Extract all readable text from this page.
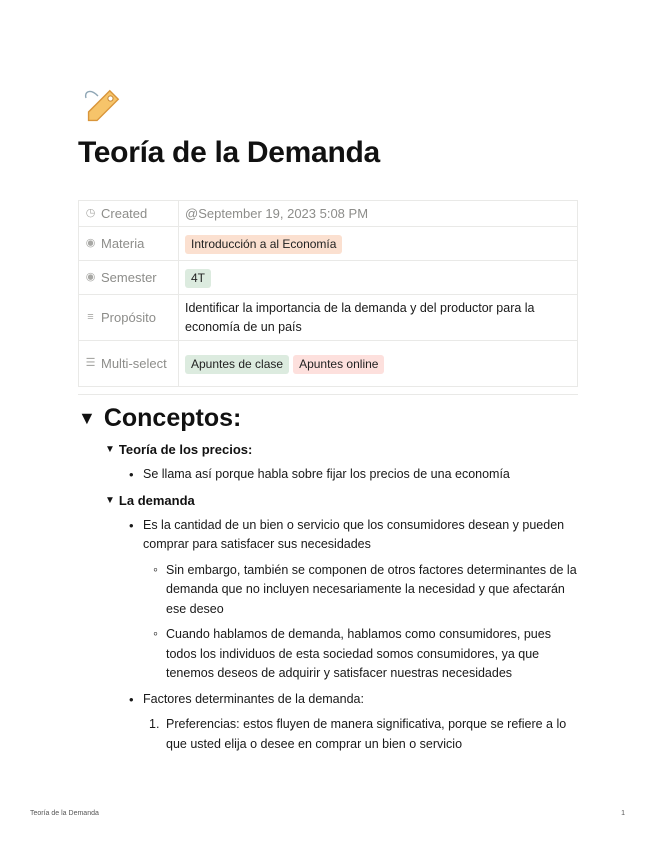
Teoría de la Demanda
◷ Created	@September 19, 2023 5:08 PM

◉ Materia	Introducción a al Economía

◉ Semester	4T

≡ Propósito	Identificar la importancia de la demanda y del productor para la economía de un país

☰ Multi-select	Apuntes de clase Apuntes online
▼ Conceptos:
▼ Teoría de los precios:
• Se llama así porque habla sobre fijar los precios de una economía
▼ La demanda
• Es la cantidad de un bien o servicio que los consumidores desean y pueden comprar para satisfacer sus necesidades
◦ Sin embargo, también se componen de otros factores determinantes de la demanda que no incluyen necesariamente la necesidad y que afectarán ese deseo
◦ Cuando hablamos de demanda, hablamos como consumidores, pues todos los individuos de esta sociedad somos consumidores, ya que tenemos deseos de adquirir y satisfacer nuestras necesidades
• Factores determinantes de la demanda:
1. Preferencias: estos fluyen de manera significativa, porque se refiere a lo que usted elija o desee en comprar un bien o servicio
Teoría de la Demanda	1
